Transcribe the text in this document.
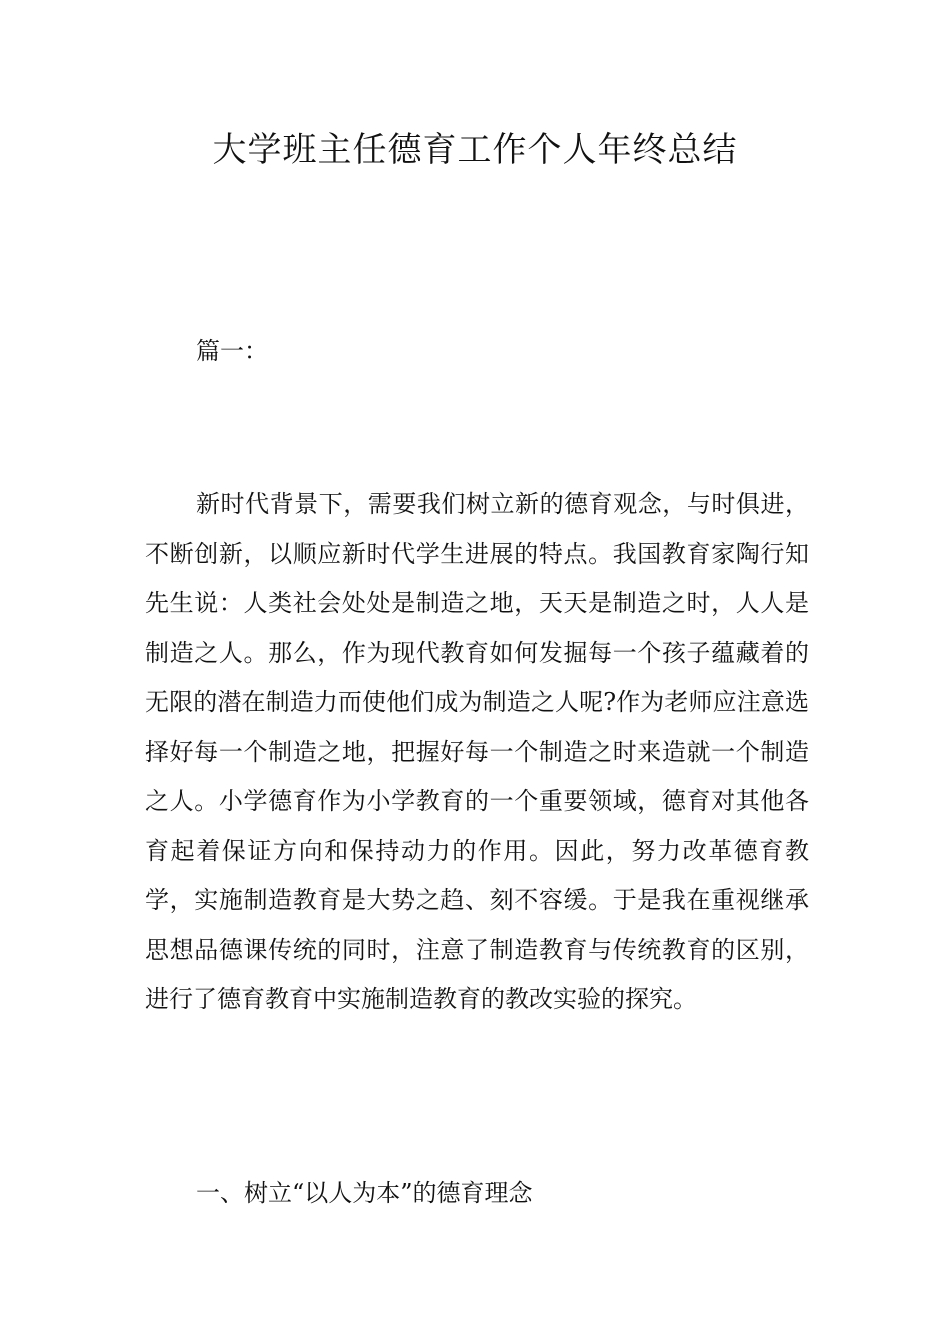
大学班主任德育工作个人年终总结

篇一：

新时代背景下，需要我们树立新的德育观念，与时俱进，不断创新，以顺应新时代学生进展的特点。我国教育家陶行知先生说：人类社会处处是制造之地，天天是制造之时，人人是制造之人。那么，作为现代教育如何发掘每一个孩子蕴藏着的无限的潜在制造力而使他们成为制造之人呢?作为老师应注意选择好每一个制造之地，把握好每一个制造之时来造就一个制造之人。小学德育作为小学教育的一个重要领域，德育对其他各育起着保证方向和保持动力的作用。因此，努力改革德育教学，实施制造教育是大势之趋、刻不容缓。于是我在重视继承思想品德课传统的同时，注意了制造教育与传统教育的区别，进行了德育教育中实施制造教育的教改实验的探究。

一、树立“以人为本”的德育理念
